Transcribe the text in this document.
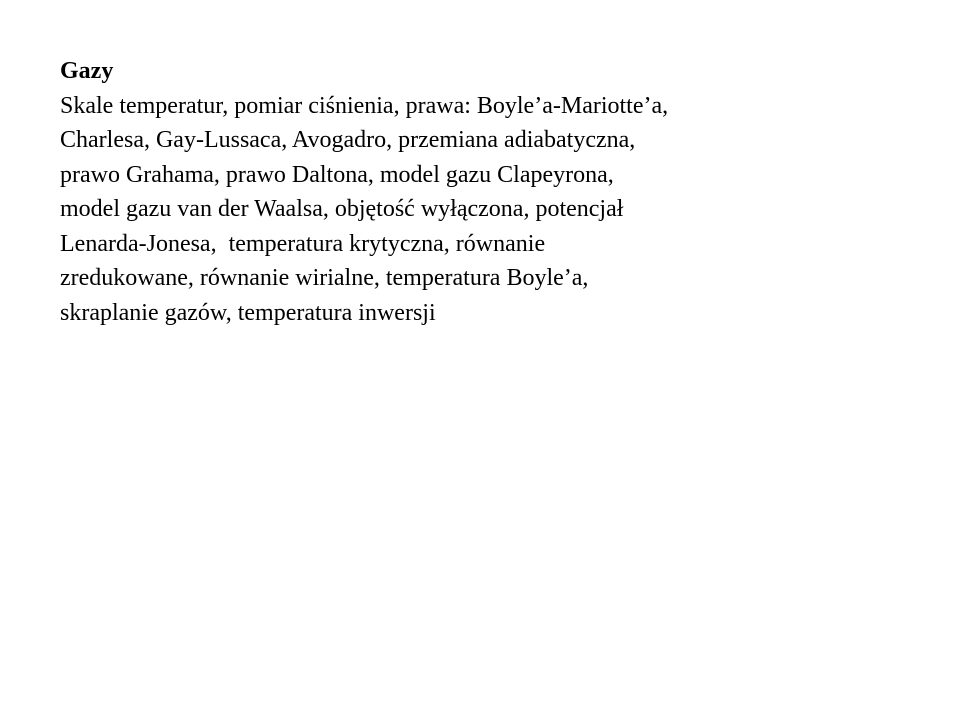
Gazy
Skale temperatur, pomiar ciśnienia, prawa: Boyle’a-Mariotte’a,
Charlesa, Gay-Lussaca, Avogadro, przemiana adiabatyczna,
prawo Grahama, prawo Daltona, model gazu Clapeyrona,
model gazu van der Waalsa, objętość wyłączona, potencjał
Lenarda-Jonesa,  temperatura krytyczna, równanie
zredukowane, równanie wirialne, temperatura Boyle’a,
skraplanie gazów, temperatura inwersji
